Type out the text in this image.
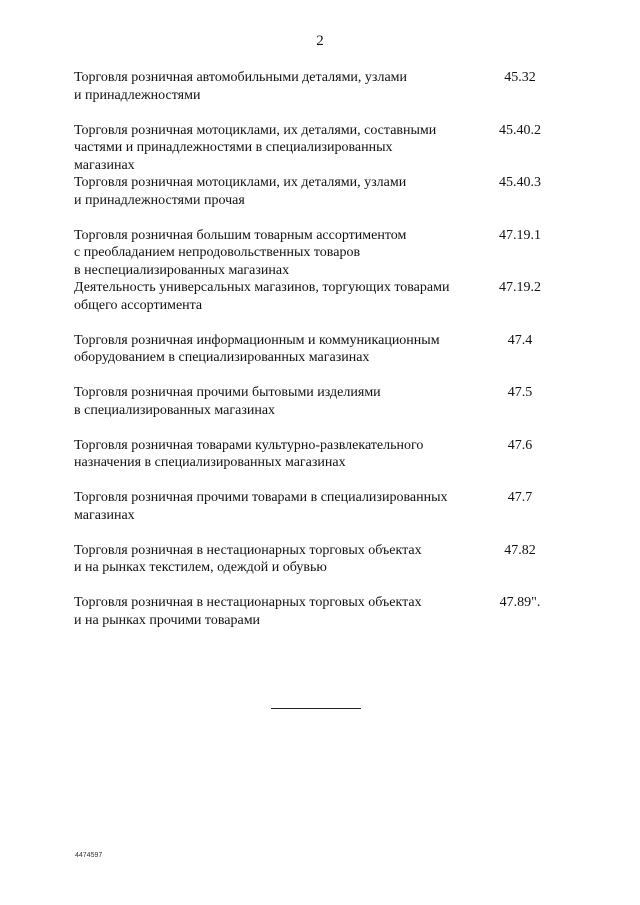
2
Торговля розничная автомобильными деталями, узлами
и принадлежностями
45.32
Торговля розничная мотоциклами, их деталями, составными
частями и принадлежностями в специализированных
магазинах
45.40.2
Торговля розничная мотоциклами, их деталями, узлами
и принадлежностями прочая
45.40.3
Торговля розничная большим товарным ассортиментом
с преобладанием непродовольственных товаров
в неспециализированных магазинах
47.19.1
Деятельность универсальных магазинов, торгующих товарами
общего ассортимента
47.19.2
Торговля розничная информационным и коммуникационным
оборудованием в специализированных магазинах
47.4
Торговля розничная прочими бытовыми изделиями
в специализированных магазинах
47.5
Торговля розничная товарами культурно-развлекательного
назначения в специализированных магазинах
47.6
Торговля розничная прочими товарами в специализированных
магазинах
47.7
Торговля розничная в нестационарных торговых объектах
и на рынках текстилем, одеждой и обувью
47.82
Торговля розничная в нестационарных торговых объектах
и на рынках прочими товарами
47.89".
4474597
